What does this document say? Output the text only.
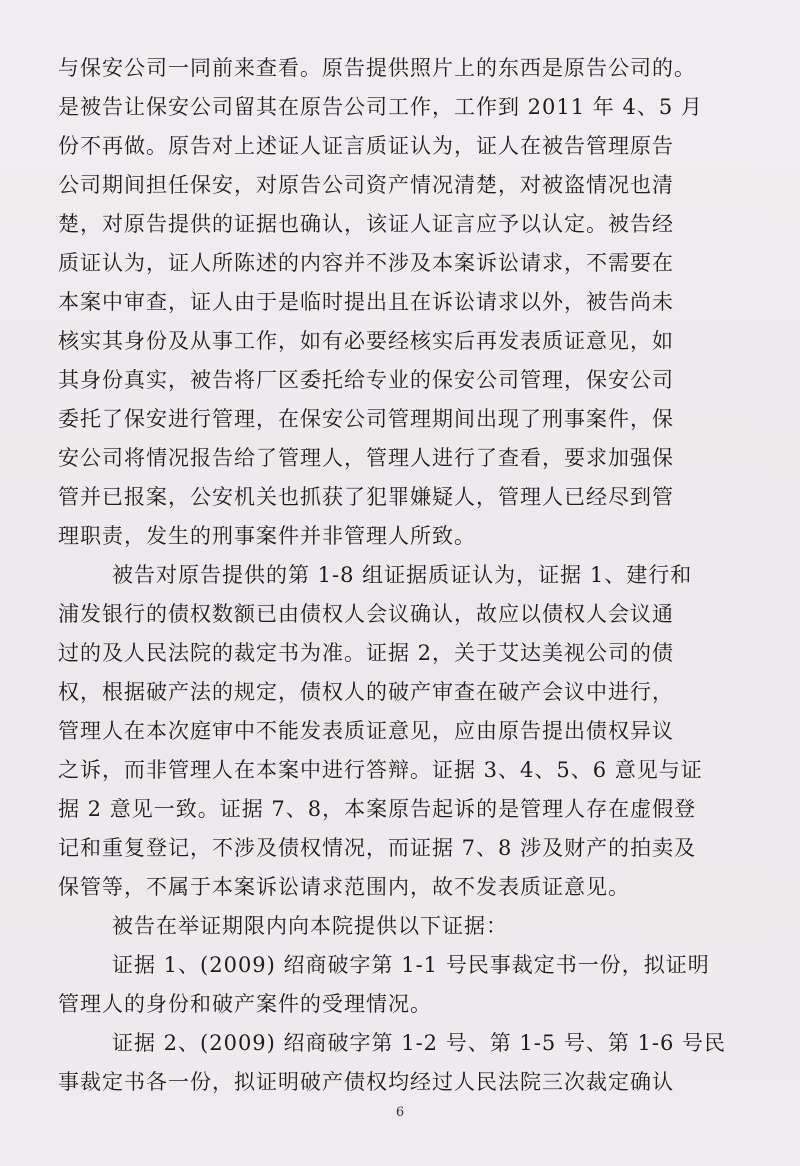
与保安公司一同前来查看。原告提供照片上的东西是原告公司的。
是被告让保安公司留其在原告公司工作，工作到 2011 年 4、5 月
份不再做。原告对上述证人证言质证认为，证人在被告管理原告
公司期间担任保安，对原告公司资产情况清楚，对被盗情况也清
楚，对原告提供的证据也确认，该证人证言应予以认定。被告经
质证认为，证人所陈述的内容并不涉及本案诉讼请求，不需要在
本案中审查，证人由于是临时提出且在诉讼请求以外，被告尚未
核实其身份及从事工作，如有必要经核实后再发表质证意见，如
其身份真实，被告将厂区委托给专业的保安公司管理，保安公司
委托了保安进行管理，在保安公司管理期间出现了刑事案件，保
安公司将情况报告给了管理人，管理人进行了查看，要求加强保
管并已报案，公安机关也抓获了犯罪嫌疑人，管理人已经尽到管
理职责，发生的刑事案件并非管理人所致。
被告对原告提供的第 1-8 组证据质证认为，证据 1、建行和
浦发银行的债权数额已由债权人会议确认，故应以债权人会议通
过的及人民法院的裁定书为准。证据 2，关于艾达美视公司的债
权，根据破产法的规定，债权人的破产审查在破产会议中进行，
管理人在本次庭审中不能发表质证意见，应由原告提出债权异议
之诉，而非管理人在本案中进行答辩。证据 3、4、5、6 意见与证
据 2 意见一致。证据 7、8，本案原告起诉的是管理人存在虚假登
记和重复登记，不涉及债权情况，而证据 7、8 涉及财产的拍卖及
保管等，不属于本案诉讼请求范围内，故不发表质证意见。
被告在举证期限内向本院提供以下证据：
证据 1、(2009) 绍商破字第 1-1 号民事裁定书一份，拟证明
管理人的身份和破产案件的受理情况。
证据 2、(2009) 绍商破字第 1-2 号、第 1-5 号、第 1-6 号民
事裁定书各一份，拟证明破产债权均经过人民法院三次裁定确认
6
